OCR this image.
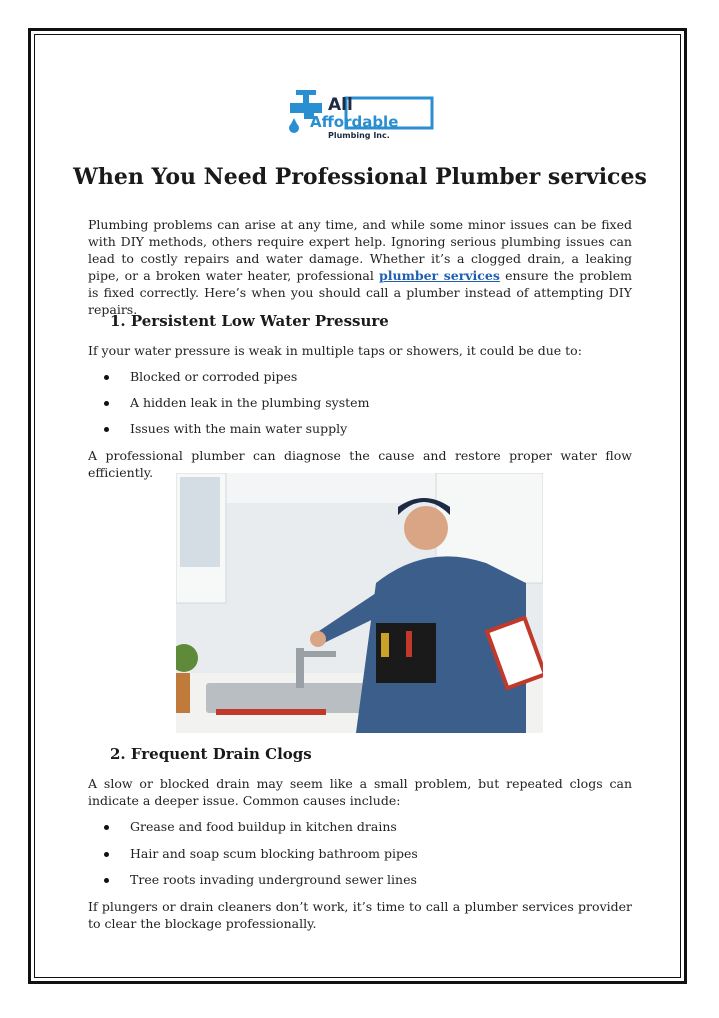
All
Affordable
Plumbing Inc.
When You Need Professional Plumber services

Plumbing problems can arise at any time, and while some minor issues can be fixed with DIY methods, others require expert help. Ignoring serious plumbing issues can lead to costly repairs and water damage. Whether it’s a clogged drain, a leaking pipe, or a broken water heater, professional plumber services ensure the problem is fixed correctly. Here’s when you should call a plumber instead of attempting DIY repairs.

1. Persistent Low Water Pressure

If your water pressure is weak in multiple taps or showers, it could be due to:

Blocked or corroded pipes
A hidden leak in the plumbing system
Issues with the main water supply

A professional plumber can diagnose the cause and restore proper water flow efficiently.

2. Frequent Drain Clogs

A slow or blocked drain may seem like a small problem, but repeated clogs can indicate a deeper issue. Common causes include:

Grease and food buildup in kitchen drains
Hair and soap scum blocking bathroom pipes
Tree roots invading underground sewer lines

If plungers or drain cleaners don’t work, it’s time to call a plumber services provider to clear the blockage professionally.
